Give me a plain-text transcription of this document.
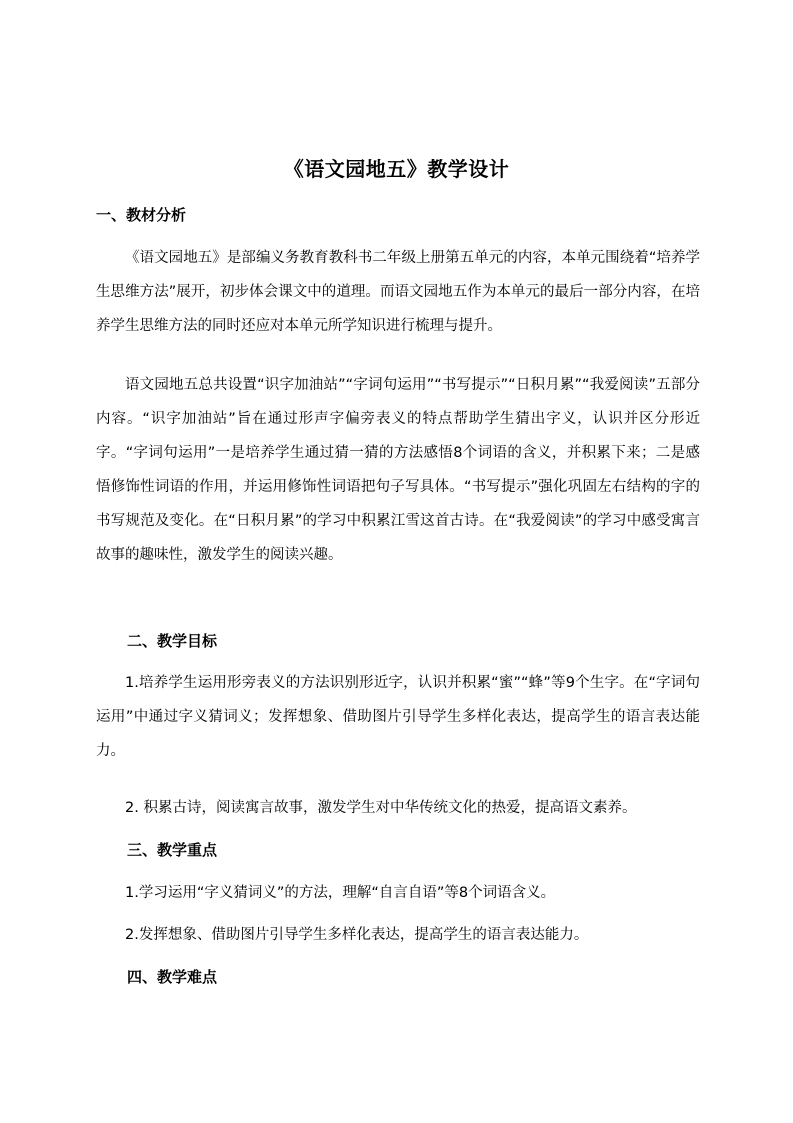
《语文园地五》教学设计
一、教材分析

《语文园地五》是部编义务教育教科书二年级上册第五单元的内容，本单元围绕着“培养学生思维方法”展开，初步体会课文中的道理。而语文园地五作为本单元的最后一部分内容，在培养学生思维方法的同时还应对本单元所学知识进行梳理与提升。

语文园地五总共设置“识字加油站”“字词句运用”“书写提示”“日积月累”“我爱阅读”五部分内容。“识字加油站”旨在通过形声字偏旁表义的特点帮助学生猜出字义，认识并区分形近字。“字词句运用”一是培养学生通过猜一猜的方法感悟8个词语的含义，并积累下来；二是感悟修饰性词语的作用，并运用修饰性词语把句子写具体。“书写提示”强化巩固左右结构的字的书写规范及变化。在“日积月累”的学习中积累江雪这首古诗。在“我爱阅读”的学习中感受寓言故事的趣味性，激发学生的阅读兴趣。

二、教学目标

1.培养学生运用形旁表义的方法识别形近字，认识并积累“蜜”“蜂”等9个生字。在“字词句运用”中通过字义猜词义；发挥想象、借助图片引导学生多样化表达，提高学生的语言表达能力。

2. 积累古诗，阅读寓言故事，激发学生对中华传统文化的热爱，提高语文素养。

三、教学重点

1.学习运用“字义猜词义”的方法，理解“自言自语”等8个词语含义。

2.发挥想象、借助图片引导学生多样化表达，提高学生的语言表达能力。

四、教学难点
